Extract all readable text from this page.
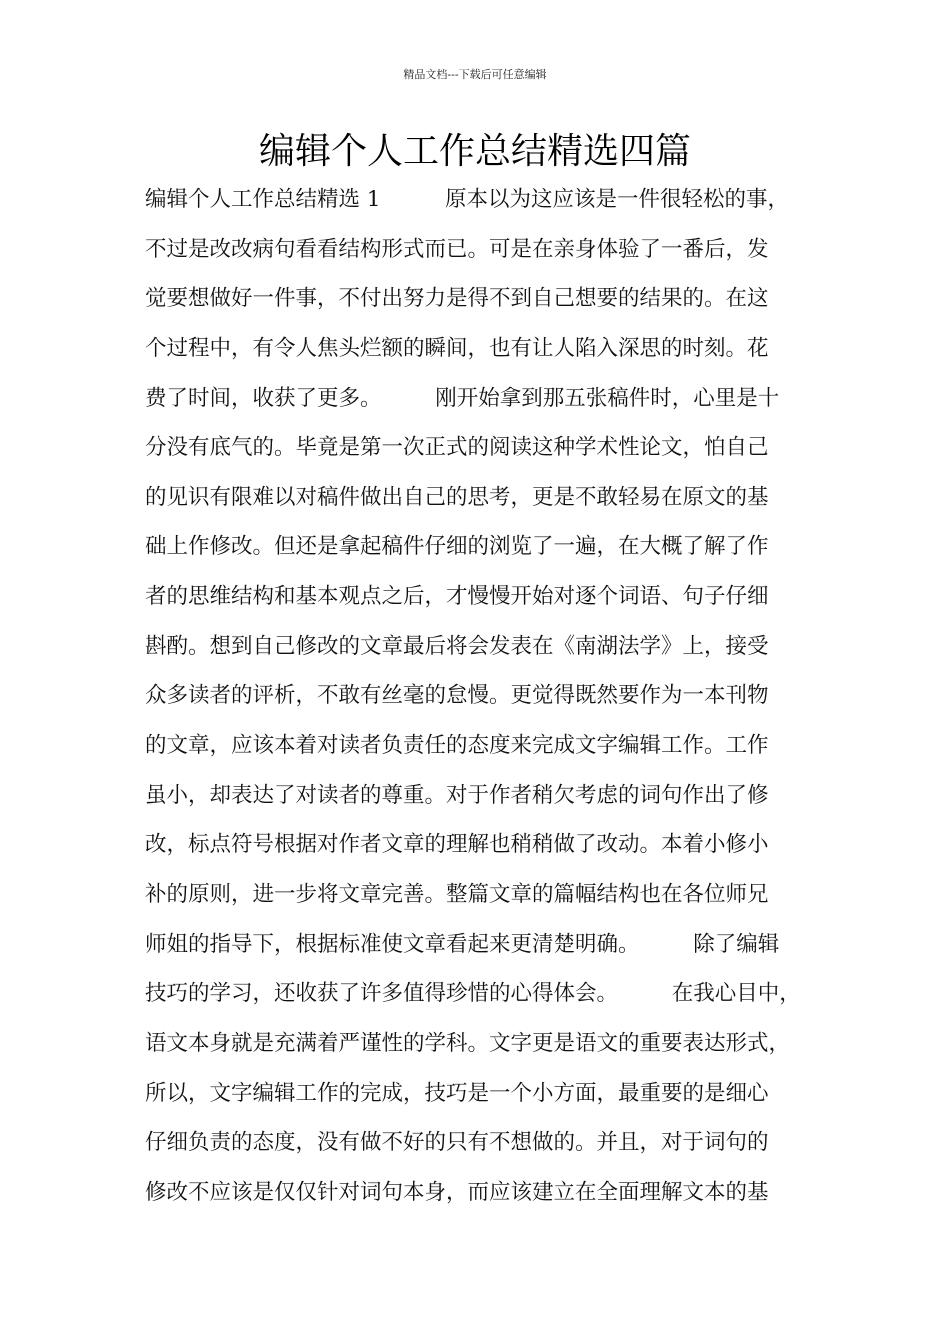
精品文档---下载后可任意编辑
编辑个人工作总结精选四篇
编辑个人工作总结精选 1　　　原本以为这应该是一件很轻松的事，
不过是改改病句看看结构形式而已。可是在亲身体验了一番后，发
觉要想做好一件事，不付出努力是得不到自己想要的结果的。在这
个过程中，有令人焦头烂额的瞬间，也有让人陷入深思的时刻。花
费了时间，收获了更多。　　　刚开始拿到那五张稿件时，心里是十
分没有底气的。毕竟是第一次正式的阅读这种学术性论文，怕自己
的见识有限难以对稿件做出自己的思考，更是不敢轻易在原文的基
础上作修改。但还是拿起稿件仔细的浏览了一遍，在大概了解了作
者的思维结构和基本观点之后，才慢慢开始对逐个词语、句子仔细
斟酌。想到自己修改的文章最后将会发表在《南湖法学》上，接受
众多读者的评析，不敢有丝毫的怠慢。更觉得既然要作为一本刊物
的文章，应该本着对读者负责任的态度来完成文字编辑工作。工作
虽小，却表达了对读者的尊重。对于作者稍欠考虑的词句作出了修
改，标点符号根据对作者文章的理解也稍稍做了改动。本着小修小
补的原则，进一步将文章完善。整篇文章的篇幅结构也在各位师兄
师姐的指导下，根据标准使文章看起来更清楚明确。　　　除了编辑
技巧的学习，还收获了许多值得珍惜的心得体会。　　　在我心目中，
语文本身就是充满着严谨性的学科。文字更是语文的重要表达形式，
所以，文字编辑工作的完成，技巧是一个小方面，最重要的是细心
仔细负责的态度，没有做不好的只有不想做的。并且，对于词句的
修改不应该是仅仅针对词句本身，而应该建立在全面理解文本的基
